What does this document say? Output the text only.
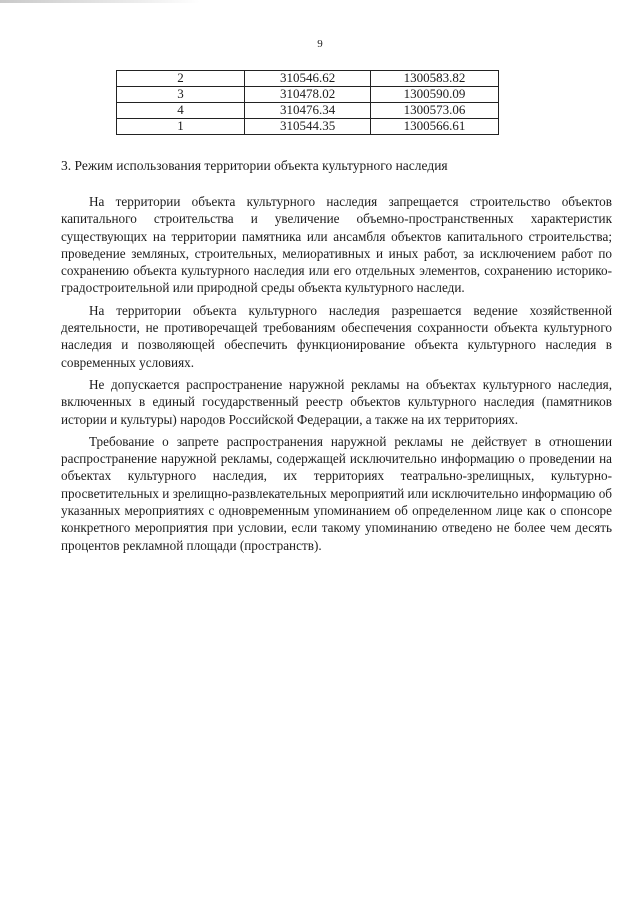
9
2	310546.62	1300583.82
3	310478.02	1300590.09
4	310476.34	1300573.06
1	310544.35	1300566.61
3. Режим использования территории объекта культурного наследия

На территории объекта культурного наследия запрещается строительство объектов капитального строительства и увеличение объемно-пространственных характеристик существующих на территории памятника или ансамбля объектов капитального строительства; проведение земляных, строительных, мелиоративных и иных работ, за исключением работ по сохранению объекта культурного наследия или его отдельных элементов, сохранению историко-градостроительной или природной среды объекта культурного наследи.

На территории объекта культурного наследия разрешается ведение хозяйственной деятельности, не противоречащей требованиям обеспечения сохранности объекта культурного наследия и позволяющей обеспечить функционирование объекта культурного наследия в современных условиях.

Не допускается распространение наружной рекламы на объектах культурного наследия, включенных в единый государственный реестр объектов культурного наследия (памятников истории и культуры) народов Российской Федерации, а также на их территориях.

Требование о запрете распространения наружной рекламы не действует в отношении распространение наружной рекламы, содержащей исключительно информацию о проведении на объектах культурного наследия, их территориях театрально-зрелищных, культурно-просветительных и зрелищно-развлекательных мероприятий или исключительно информацию об указанных мероприятиях с одновременным упоминанием об определенном лице как о спонсоре конкретного мероприятия при условии, если такому упоминанию отведено не более чем десять процентов рекламной площади (пространств).
